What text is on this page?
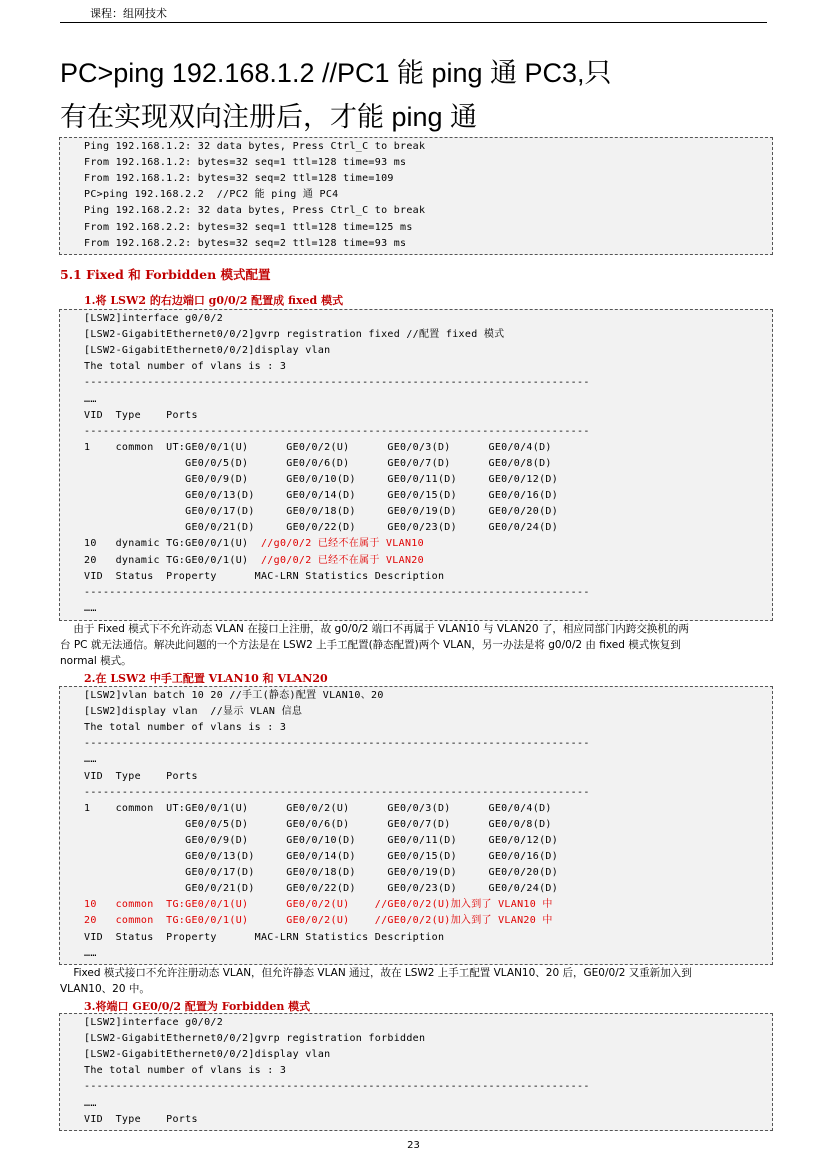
课程：组网技术
PC>ping 192.168.1.2 //PC1 能 ping 通 PC3,只
有在实现双向注册后，才能 ping 通
Ping 192.168.1.2: 32 data bytes, Press Ctrl_C to break
From 192.168.1.2: bytes=32 seq=1 ttl=128 time=93 ms
From 192.168.1.2: bytes=32 seq=2 ttl=128 time=109
PC>ping 192.168.2.2  //PC2 能 ping 通 PC4
Ping 192.168.2.2: 32 data bytes, Press Ctrl_C to break
From 192.168.2.2: bytes=32 seq=1 ttl=128 time=125 ms
From 192.168.2.2: bytes=32 seq=2 ttl=128 time=93 ms
5.1 Fixed 和 Forbidden 模式配置
1.将 LSW2 的右边端口 g0/0/2 配置成 fixed 模式
[LSW2]interface g0/0/2
[LSW2-GigabitEthernet0/0/2]gvrp registration fixed //配置 fixed 模式
[LSW2-GigabitEthernet0/0/2]display vlan
The total number of vlans is : 3
--------------------------------------------------------------------------------
……
VID  Type    Ports
--------------------------------------------------------------------------------
1    common  UT:GE0/0/1(U)      GE0/0/2(U)      GE0/0/3(D)      GE0/0/4(D)
GE0/0/5(D)      GE0/0/6(D)      GE0/0/7(D)      GE0/0/8(D)
GE0/0/9(D)      GE0/0/10(D)     GE0/0/11(D)     GE0/0/12(D)
GE0/0/13(D)     GE0/0/14(D)     GE0/0/15(D)     GE0/0/16(D)
GE0/0/17(D)     GE0/0/18(D)     GE0/0/19(D)     GE0/0/20(D)
GE0/0/21(D)     GE0/0/22(D)     GE0/0/23(D)     GE0/0/24(D)
10   dynamic TG:GE0/0/1(U)  //g0/0/2 已经不在属于 VLAN10
20   dynamic TG:GE0/0/1(U)  //g0/0/2 已经不在属于 VLAN20
VID  Status  Property      MAC-LRN Statistics Description
--------------------------------------------------------------------------------
……
由于 Fixed 模式下不允许动态 VLAN 在接口上注册，故 g0/0/2 端口不再属于 VLAN10 与 VLAN20 了，相应同部门内跨交换机的两
台 PC 就无法通信。解决此问题的一个方法是在 LSW2 上手工配置(静态配置)两个 VLAN，另一办法是将 g0/0/2 由 fixed 模式恢复到
normal 模式。
2.在 LSW2 中手工配置 VLAN10 和 VLAN20
[LSW2]vlan batch 10 20 //手工(静态)配置 VLAN10、20
[LSW2]display vlan  //显示 VLAN 信息
The total number of vlans is : 3
--------------------------------------------------------------------------------
……
VID  Type    Ports
--------------------------------------------------------------------------------
1    common  UT:GE0/0/1(U)      GE0/0/2(U)      GE0/0/3(D)      GE0/0/4(D)
GE0/0/5(D)      GE0/0/6(D)      GE0/0/7(D)      GE0/0/8(D)
GE0/0/9(D)      GE0/0/10(D)     GE0/0/11(D)     GE0/0/12(D)
GE0/0/13(D)     GE0/0/14(D)     GE0/0/15(D)     GE0/0/16(D)
GE0/0/17(D)     GE0/0/18(D)     GE0/0/19(D)     GE0/0/20(D)
GE0/0/21(D)     GE0/0/22(D)     GE0/0/23(D)     GE0/0/24(D)
10   common  TG:GE0/0/1(U)      GE0/0/2(U)    //GE0/0/2(U)加入到了 VLAN10 中
20   common  TG:GE0/0/1(U)      GE0/0/2(U)    //GE0/0/2(U)加入到了 VLAN20 中
VID  Status  Property      MAC-LRN Statistics Description
……
Fixed 模式接口不允许注册动态 VLAN，但允许静态 VLAN 通过，故在 LSW2 上手工配置 VLAN10、20 后，GE0/0/2 又重新加入到
VLAN10、20 中。
3.将端口 GE0/0/2 配置为 Forbidden 模式
[LSW2]interface g0/0/2
[LSW2-GigabitEthernet0/0/2]gvrp registration forbidden
[LSW2-GigabitEthernet0/0/2]display vlan
The total number of vlans is : 3
--------------------------------------------------------------------------------
……
VID  Type    Ports
23
